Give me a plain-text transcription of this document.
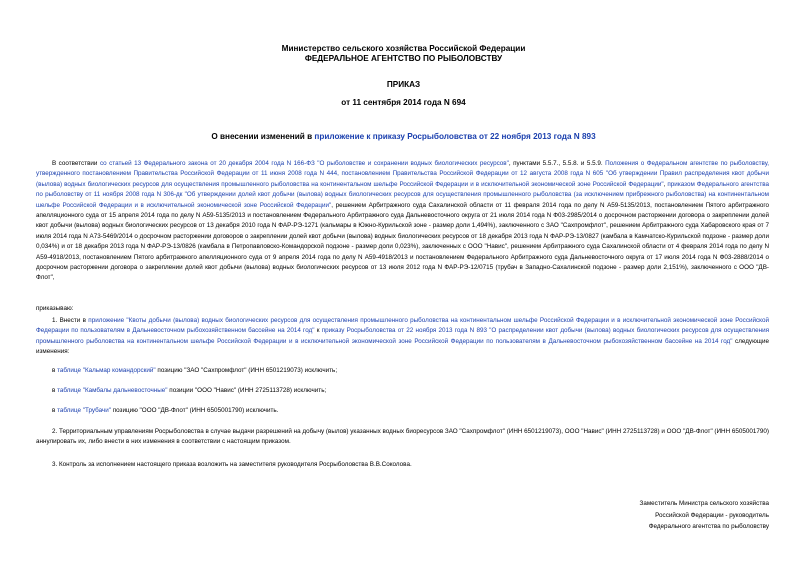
Министерство сельского хозяйства Российской Федерации
ФЕДЕРАЛЬНОЕ АГЕНТСТВО ПО РЫБОЛОВСТВУ
ПРИКАЗ
от 11 сентября 2014 года N 694
О внесении изменений в приложение к приказу Росрыболовства от 22 ноября 2013 года N 893

В соответствии со статьей 13 Федерального закона от 20 декабря 2004 года N 166-ФЗ "О рыболовстве и сохранении водных биологических ресурсов", пунктами 5.5.7., 5.5.8. и 5.5.9. Положения о Федеральном агентстве по рыболовству, утвержденного постановлением Правительства Российской Федерации от 11 июня 2008 года N 444, постановлением Правительства Российской Федерации от 12 августа 2008 года N 605 "Об утверждении Правил распределения квот добычи (вылова) водных биологических ресурсов для осуществления промышленного рыболовства на континентальном шельфе Российской Федерации и в исключительной экономической зоне Российской Федерации", приказом Федерального агентства по рыболовству от 11 ноября 2008 года N 306-дк "Об утверждении долей квот добычи (вылова) водных биологических ресурсов для осуществления промышленного рыболовства (за исключением прибрежного рыболовства) на континентальном шельфе Российской Федерации и в исключительной экономической зоне Российской Федерации", решением Арбитражного суда Сахалинской области от 11 февраля 2014 года по делу N А59-5135/2013, постановлением Пятого арбитражного апелляционного суда от 15 апреля 2014 года по делу N А59-5135/2013 и постановлением Федерального Арбитражного суда Дальневосточного округа от 21 июля 2014 года N Ф03-2985/2014 о досрочном расторжении договора о закреплении долей квот добычи (вылова) водных биологических ресурсов от 13 декабря 2010 года N ФАР-РЭ-1271 (кальмары в Южно-Курильской зоне - размер доли 1,494%), заключенного с ЗАО "Сахпромфлот", решением Арбитражного суда Хабаровского края от 7 июля 2014 года N А73-5469/2014 о досрочном расторжении договоров о закреплении долей квот добычи (вылова) водных биологических ресурсов от 18 декабря 2013 года N ФАР-РЭ-13/0827 (камбала в Камчатско-Курильской подзоне - размер доли 0,034%) и от 18 декабря 2013 года N ФАР-РЭ-13/0826 (камбала в Петропавловско-Командорской подзоне - размер доли 0,023%), заключенных с ООО "Навис", решением Арбитражного суда Сахалинской области от 4 февраля 2014 года по делу N А59-4918/2013, постановлением Пятого арбитражного апелляционного суда от 9 апреля 2014 года по делу N А59-4918/2013 и постановлением Федерального Арбитражного суда Дальневосточного округа от 17 июля 2014 года N Ф03-2888/2014 о досрочном расторжении договора о закреплении долей квот добычи (вылова) водных биологических ресурсов от 13 июля 2012 года N ФАР-РЭ-12/0715 (трубач в Западно-Сахалинской подзоне - размер доли 2,151%), заключенного с ООО "ДВ-Флот",

приказываю:

1. Внести в приложение "Квоты добычи (вылова) водных биологических ресурсов для осуществления промышленного рыболовства на континентальном шельфе Российской Федерации и в исключительной экономической зоне Российской Федерации по пользователям в Дальневосточном рыбохозяйственном бассейне на 2014 год" к приказу Росрыболовства от 22 ноября 2013 года N 893 "О распределении квот добычи (вылова) водных биологических ресурсов для осуществления промышленного рыболовства на континентальном шельфе Российской Федерации и в исключительной экономической зоне Российской Федерации по пользователям в Дальневосточном рыбохозяйственном бассейне на 2014 год" следующие изменения:

в таблице "Кальмар командорский" позицию "ЗАО "Сахпромфлот" (ИНН 6501219073) исключить;
в таблице "Камбалы дальневосточные" позиции "ООО "Навис" (ИНН 2725113728) исключить;
в таблице "Трубачи" позицию "ООО "ДВ-Флот" (ИНН 6505001790) исключить.

2. Территориальным управлениям Росрыболовства в случае выдачи разрешений на добычу (вылов) указанных водных биоресурсов ЗАО "Сахпромфлот" (ИНН 6501219073), ООО "Навис" (ИНН 2725113728) и ООО "ДВ-Флот" (ИНН 6505001790) аннулировать их, либо внести в них изменения в соответствии с настоящим приказом.

3. Контроль за исполнением настоящего приказа возложить на заместителя руководителя Росрыболовства В.В.Соколова.

Заместитель Министра сельского хозяйства
Российской Федерации - руководитель
Федерального агентства по рыболовству
